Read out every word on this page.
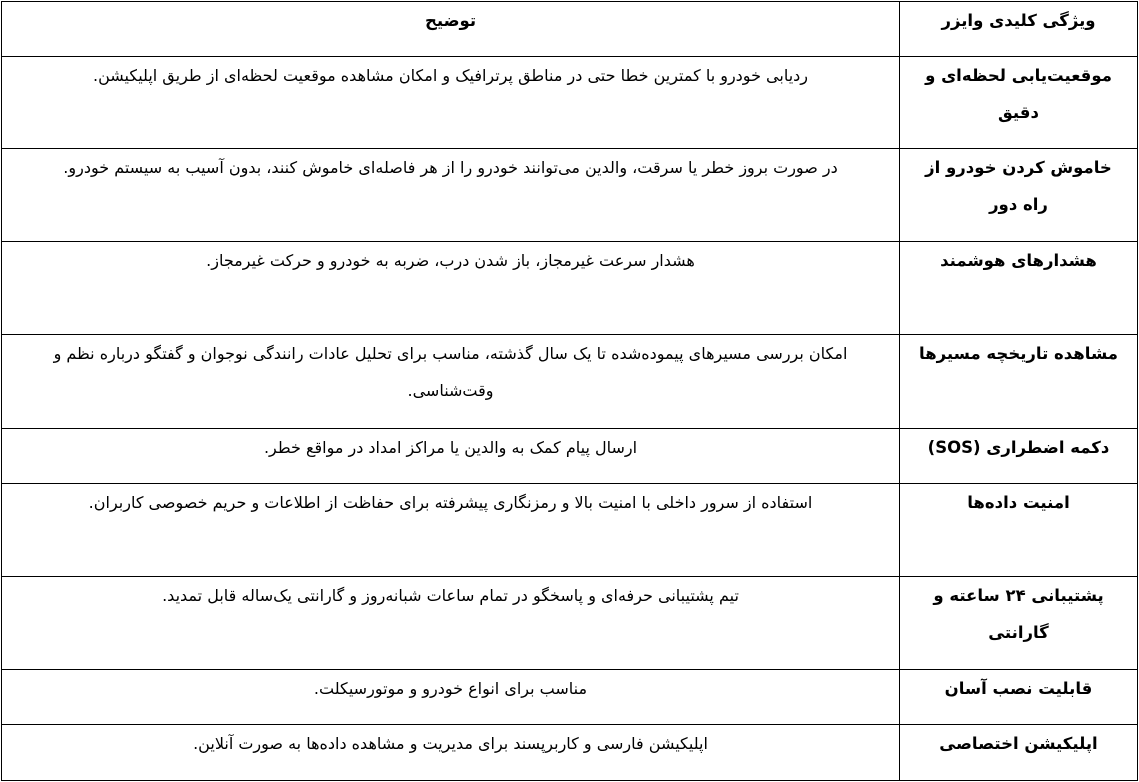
ویژگی کلیدی وایزر	توضیح
موقعیت‌یابی لحظه‌ای و دقیق	ردیابی خودرو با کمترین خطا حتی در مناطق پرترافیک و امکان مشاهده موقعیت لحظه‌ای از طریق اپلیکیشن.
خاموش کردن خودرو از راه دور	در صورت بروز خطر یا سرقت، والدین می‌توانند خودرو را از هر فاصله‌ای خاموش کنند، بدون آسیب به سیستم خودرو.
هشدارهای هوشمند	هشدار سرعت غیرمجاز، باز شدن درب، ضربه به خودرو و حرکت غیرمجاز.
مشاهده تاریخچه مسیرها	امکان بررسی مسیرهای پیموده‌شده تا یک سال گذشته، مناسب برای تحلیل عادات رانندگی نوجوان و گفتگو درباره نظم و وقت‌شناسی.
دکمه اضطراری (SOS)	ارسال پیام کمک به والدین یا مراکز امداد در مواقع خطر.
امنیت داده‌ها	استفاده از سرور داخلی با امنیت بالا و رمزنگاری پیشرفته برای حفاظت از اطلاعات و حریم خصوصی کاربران.
پشتیبانی ۲۴ ساعته و گارانتی	تیم پشتیبانی حرفه‌ای و پاسخگو در تمام ساعات شبانه‌روز و گارانتی یک‌ساله قابل تمدید.
قابلیت نصب آسان	مناسب برای انواع خودرو و موتورسیکلت.
اپلیکیشن اختصاصی	اپلیکیشن فارسی و کاربرپسند برای مدیریت و مشاهده داده‌ها به صورت آنلاین.
